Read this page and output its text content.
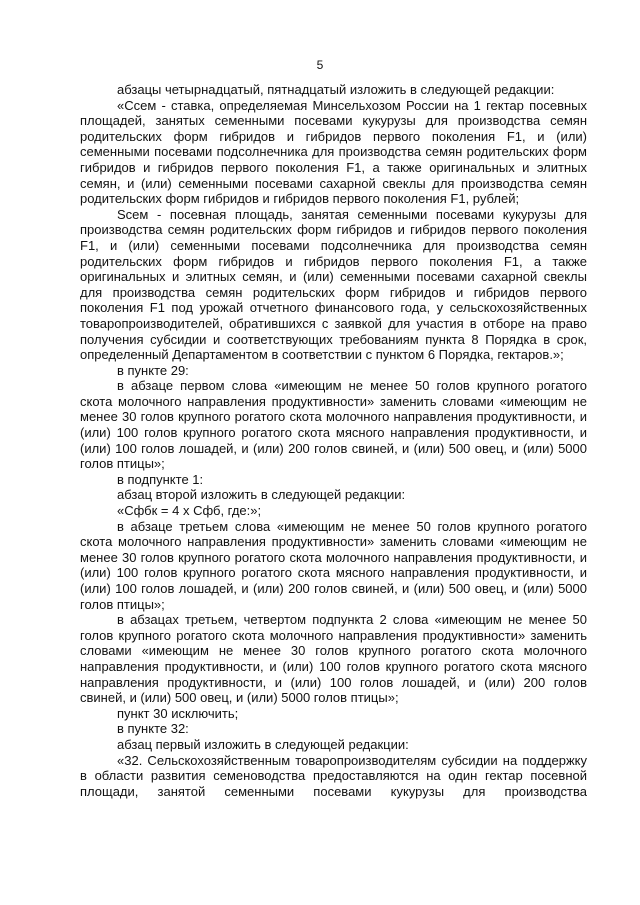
5

абзацы четырнадцатый, пятнадцатый изложить в следующей редакции:

«Ссем - ставка, определяемая Минсельхозом России на 1 гектар посевных площадей, занятых семенными посевами кукурузы для производства семян родительских форм гибридов и гибридов первого поколения F1, и (или) семенными посевами подсолнечника для производства семян родительских форм гибридов и гибридов первого поколения F1, а также оригинальных и элитных семян, и (или) семенными посевами сахарной свеклы для производства семян родительских форм гибридов и гибридов первого поколения F1, рублей;

Sсем - посевная площадь, занятая семенными посевами кукурузы для производства семян родительских форм гибридов и гибридов первого поколения F1, и (или) семенными посевами подсолнечника для производства семян родительских форм гибридов и гибридов первого поколения F1, а также оригинальных и элитных семян, и (или) семенными посевами сахарной свеклы для производства семян родительских форм гибридов и гибридов первого поколения F1 под урожай отчетного финансового года, у сельскохозяйственных товаропроизводителей, обратившихся с заявкой для участия в отборе на право получения субсидии и соответствующих требованиям пункта 8 Порядка в срок, определенный Департаментом в соответствии с пунктом 6 Порядка, гектаров.»;

в пункте 29:

в абзаце первом слова «имеющим не менее 50 голов крупного рогатого скота молочного направления продуктивности» заменить словами «имеющим не менее 30 голов крупного рогатого скота молочного направления продуктивности, и (или) 100 голов крупного рогатого скота мясного направления продуктивности, и (или) 100 голов лошадей, и (или) 200 голов свиней, и (или) 500 овец, и (или) 5000 голов птицы»;

в подпункте 1:

абзац второй изложить в следующей редакции:

«Сфбк = 4 х Сфб, где:»;

в абзаце третьем слова «имеющим не менее 50 голов крупного рогатого скота молочного направления продуктивности» заменить словами «имеющим не менее 30 голов крупного рогатого скота молочного направления продуктивности, и (или) 100 голов крупного рогатого скота мясного направления продуктивности, и (или) 100 голов лошадей, и (или) 200 голов свиней, и (или) 500 овец, и (или) 5000 голов птицы»;

в абзацах третьем, четвертом подпункта 2 слова «имеющим не менее 50 голов крупного рогатого скота молочного направления продуктивности» заменить словами «имеющим не менее 30 голов крупного рогатого скота молочного направления продуктивности, и (или) 100 голов крупного рогатого скота мясного направления продуктивности, и (или) 100 голов лошадей, и (или) 200 голов свиней, и (или) 500 овец, и (или) 5000 голов птицы»;

пункт 30 исключить;

в пункте 32:

абзац первый изложить в следующей редакции:

«32. Сельскохозяйственным товаропроизводителям субсидии на поддержку в области развития семеноводства предоставляются на один гектар посевной площади, занятой семенными посевами кукурузы для производства
